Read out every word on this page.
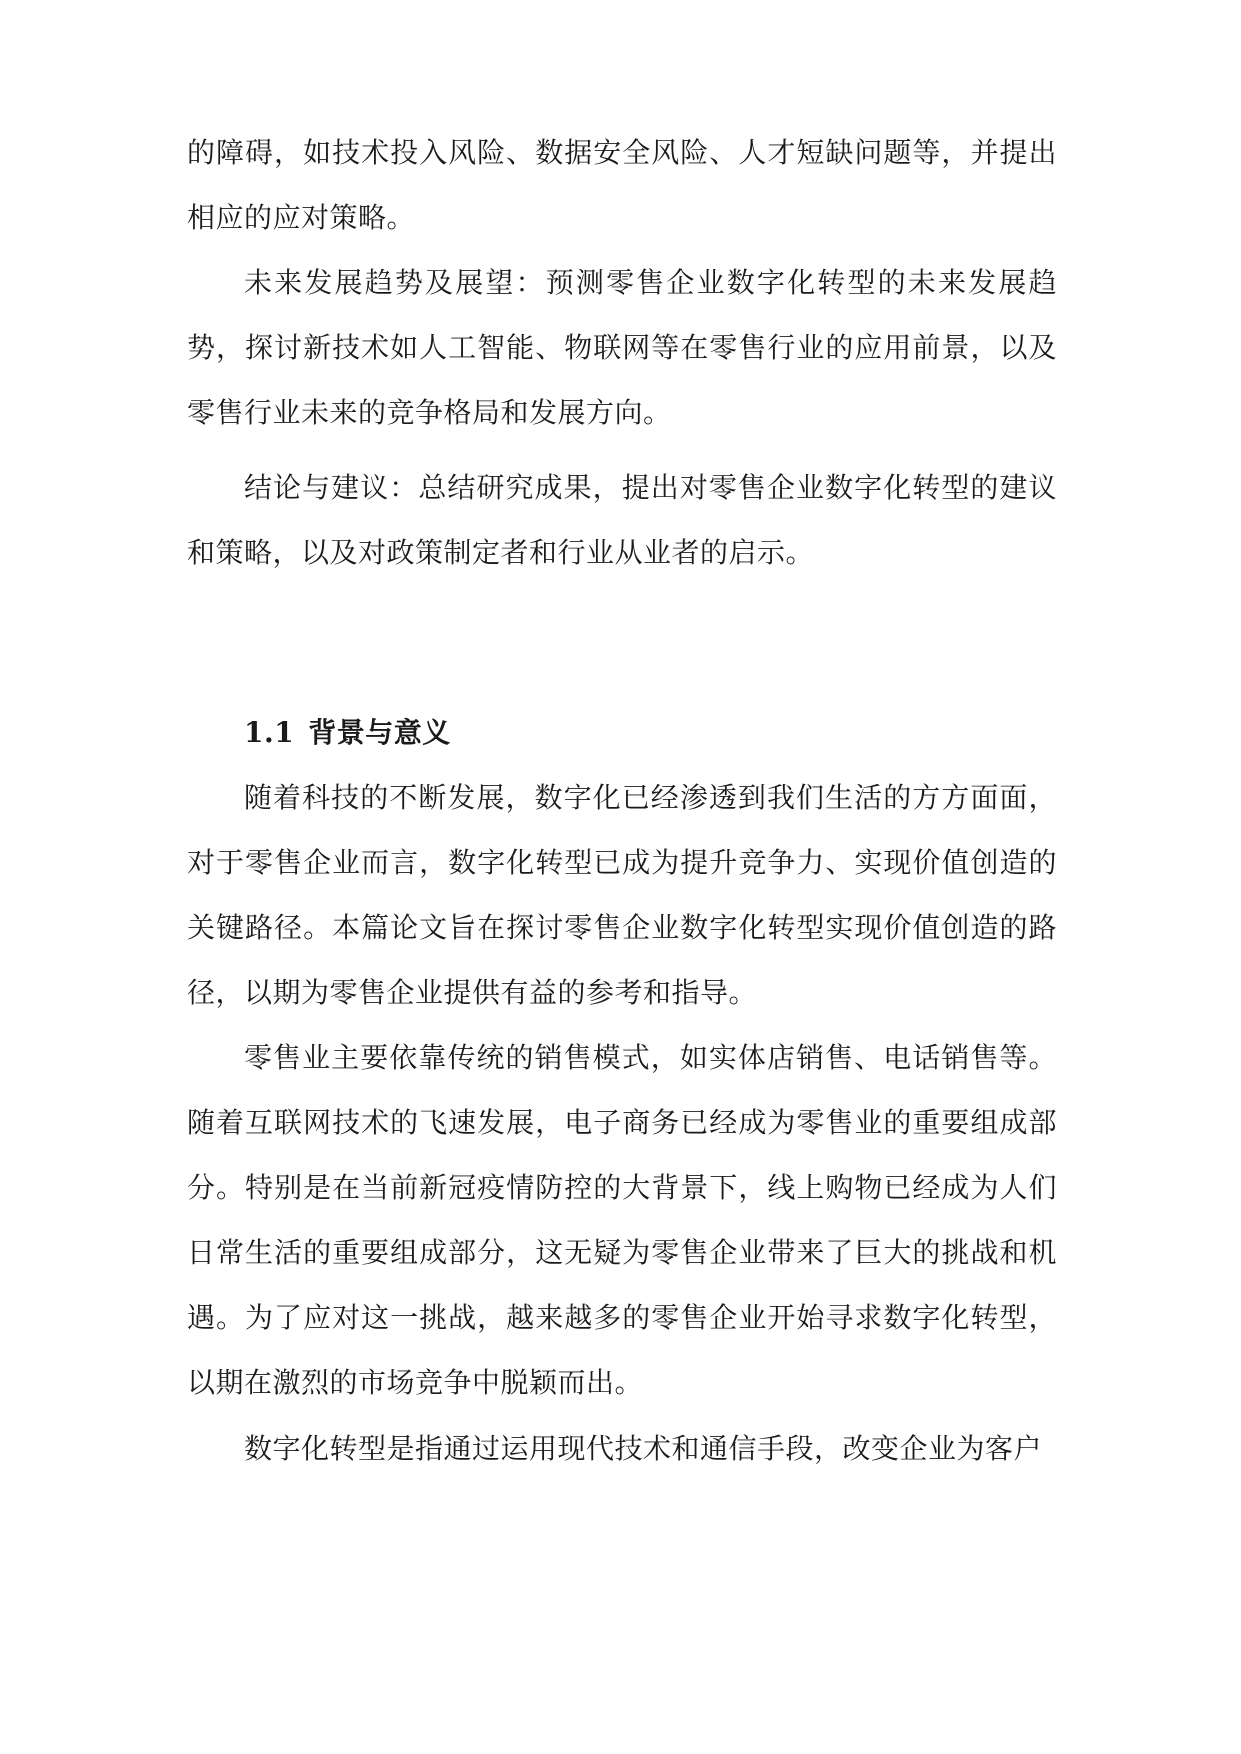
的障碍，如技术投入风险、数据安全风险、人才短缺问题等，并提出相应的应对策略。

未来发展趋势及展望：预测零售企业数字化转型的未来发展趋势，探讨新技术如人工智能、物联网等在零售行业的应用前景，以及零售行业未来的竞争格局和发展方向。

结论与建议：总结研究成果，提出对零售企业数字化转型的建议和策略，以及对政策制定者和行业从业者的启示。

1.1 背景与意义

随着科技的不断发展，数字化已经渗透到我们生活的方方面面，对于零售企业而言，数字化转型已成为提升竞争力、实现价值创造的关键路径。本篇论文旨在探讨零售企业数字化转型实现价值创造的路径，以期为零售企业提供有益的参考和指导。

零售业主要依靠传统的销售模式，如实体店销售、电话销售等。随着互联网技术的飞速发展，电子商务已经成为零售业的重要组成部分。特别是在当前新冠疫情防控的大背景下，线上购物已经成为人们日常生活的重要组成部分，这无疑为零售企业带来了巨大的挑战和机遇。为了应对这一挑战，越来越多的零售企业开始寻求数字化转型，以期在激烈的市场竞争中脱颖而出。

数字化转型是指通过运用现代技术和通信手段，改变企业为客户
